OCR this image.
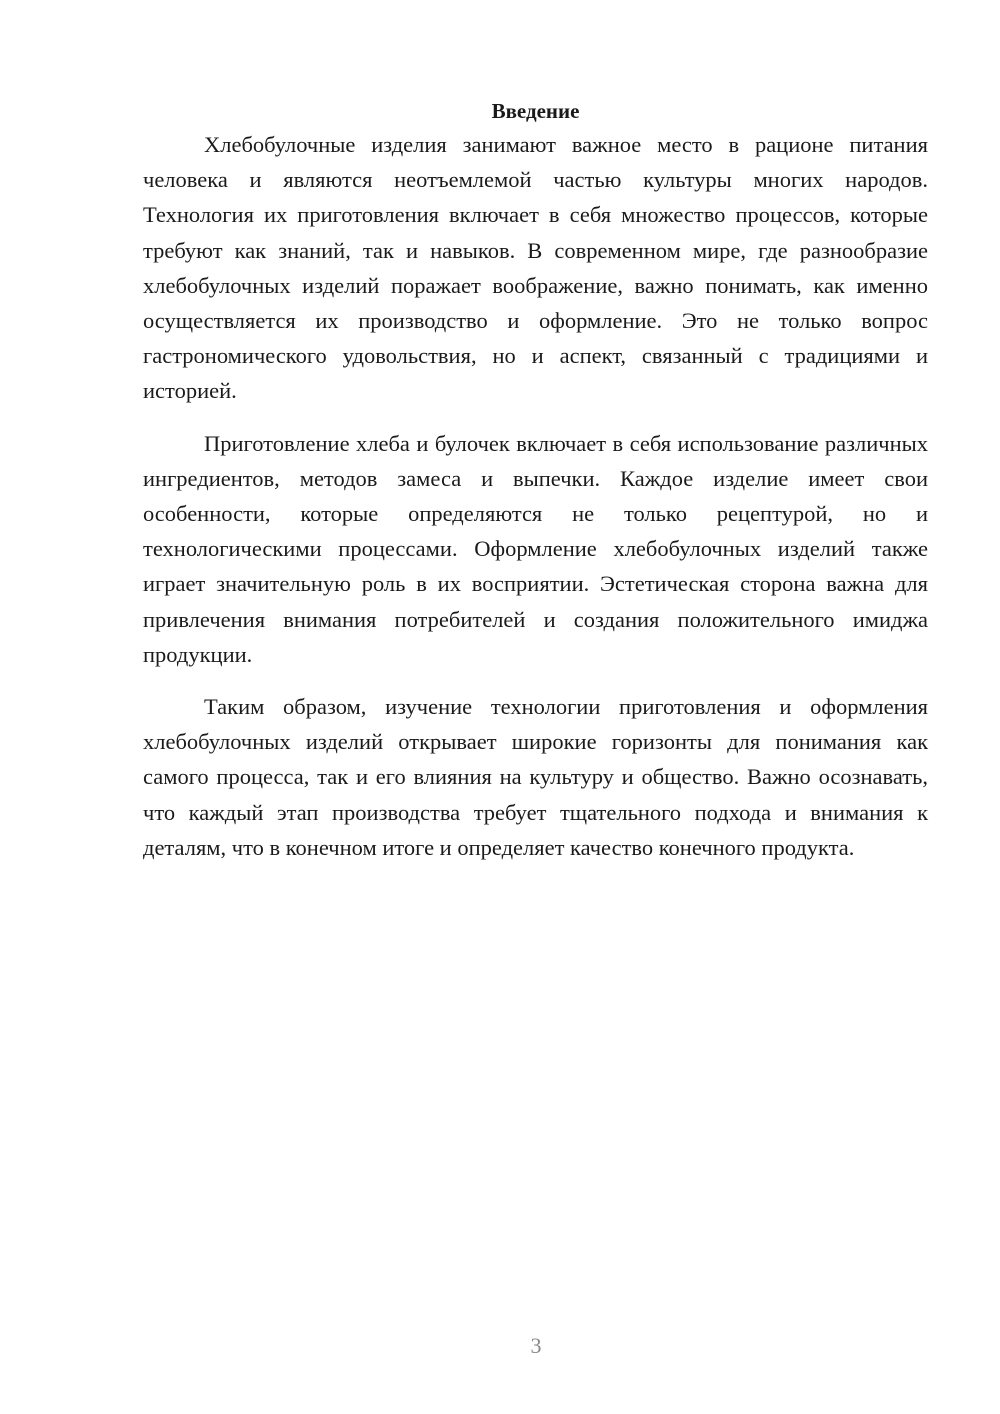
Введение

Хлебобулочные изделия занимают важное место в рационе питания человека и являются неотъемлемой частью культуры многих народов. Технология их приготовления включает в себя множество процессов, которые требуют как знаний, так и навыков. В современном мире, где разнообразие хлебобулочных изделий поражает воображение, важно понимать, как именно осуществляется их производство и оформление. Это не только вопрос гастрономического удовольствия, но и аспект, связанный с традициями и историей.

Приготовление хлеба и булочек включает в себя использование различных ингредиентов, методов замеса и выпечки. Каждое изделие имеет свои особенности, которые определяются не только рецептурой, но и технологическими процессами. Оформление хлебобулочных изделий также играет значительную роль в их восприятии. Эстетическая сторона важна для привлечения внимания потребителей и создания положительного имиджа продукции.

Таким образом, изучение технологии приготовления и оформления хлебобулочных изделий открывает широкие горизонты для понимания как самого процесса, так и его влияния на культуру и общество. Важно осознавать, что каждый этап производства требует тщательного подхода и внимания к деталям, что в конечном итоге и определяет качество конечного продукта.

3
